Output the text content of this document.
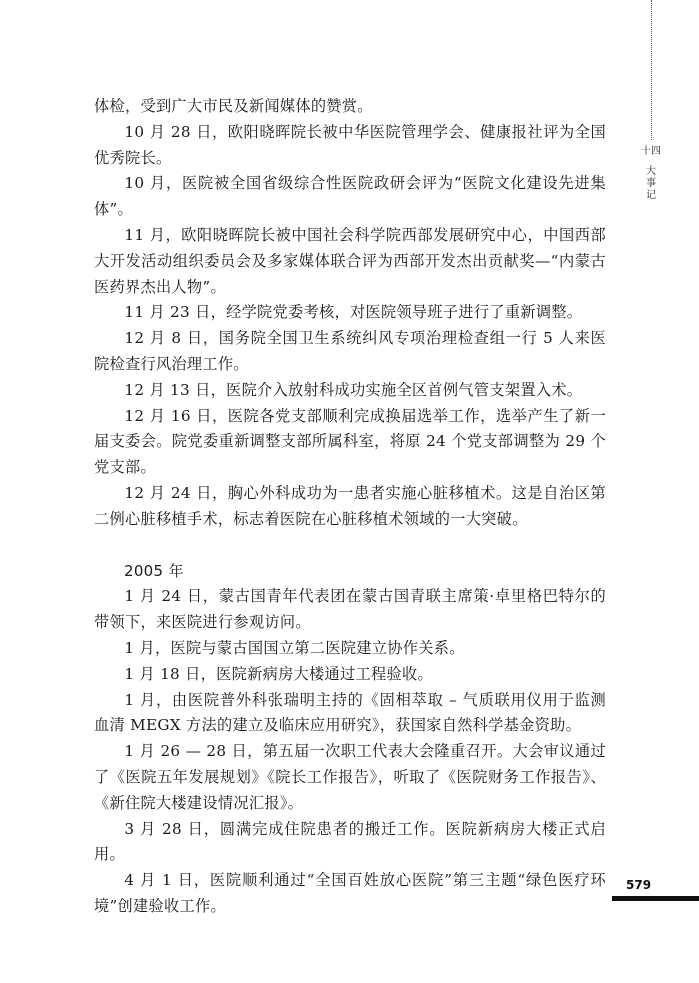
十四
大
事
记

体检，受到广大市民及新闻媒体的赞赏。

10 月 28 日，欧阳晓晖院长被中华医院管理学会、健康报社评为全国优秀院长。

10 月，医院被全国省级综合性医院政研会评为“医院文化建设先进集体”。

11 月，欧阳晓晖院长被中国社会科学院西部发展研究中心，中国西部大开发活动组织委员会及多家媒体联合评为西部开发杰出贡献奖—“内蒙古医药界杰出人物”。

11 月 23 日，经学院党委考核，对医院领导班子进行了重新调整。

12 月 8 日，国务院全国卫生系统纠风专项治理检查组一行 5 人来医院检查行风治理工作。

12 月 13 日，医院介入放射科成功实施全区首例气管支架置入术。

12 月 16 日，医院各党支部顺利完成换届选举工作，选举产生了新一届支委会。院党委重新调整支部所属科室，将原 24 个党支部调整为 29 个党支部。

12 月 24 日，胸心外科成功为一患者实施心脏移植术。这是自治区第二例心脏移植手术，标志着医院在心脏移植术领域的一大突破。

2005 年

1 月 24 日，蒙古国青年代表团在蒙古国青联主席策·卓里格巴特尔的带领下，来医院进行参观访问。

1 月，医院与蒙古国国立第二医院建立协作关系。

1 月 18 日，医院新病房大楼通过工程验收。

1 月，由医院普外科张瑞明主持的《固相萃取 – 气质联用仪用于监测血清 MEGX 方法的建立及临床应用研究》，获国家自然科学基金资助。

1 月 26 — 28 日，第五届一次职工代表大会隆重召开。大会审议通过了《医院五年发展规划》《院长工作报告》，听取了《医院财务工作报告》、《新住院大楼建设情况汇报》。

3 月 28 日，圆满完成住院患者的搬迁工作。医院新病房大楼正式启用。

4 月 1 日，医院顺利通过“全国百姓放心医院”第三主题“绿色医疗环境”创建验收工作。

579
